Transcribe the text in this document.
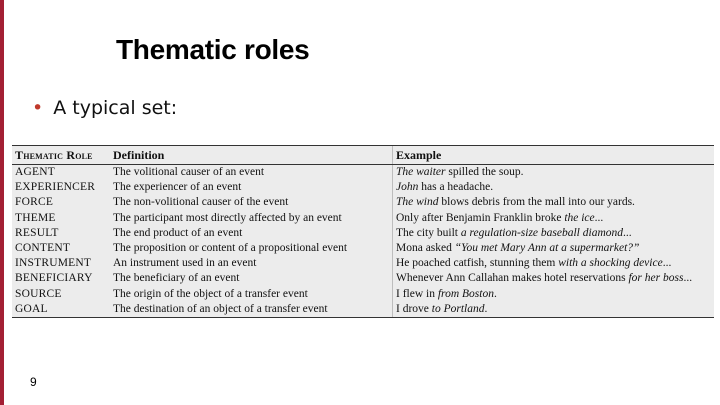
Thematic roles
• A typical set:
Thematic Role	Definition	Example
AGENT	The volitional causer of an event	The waiter spilled the soup.
EXPERIENCER	The experiencer of an event	John has a headache.
FORCE	The non-volitional causer of the event	The wind blows debris from the mall into our yards.
THEME	The participant most directly affected by an event	Only after Benjamin Franklin broke the ice...
RESULT	The end product of an event	The city built a regulation-size baseball diamond...
CONTENT	The proposition or content of a propositional event	Mona asked “You met Mary Ann at a supermarket?”
INSTRUMENT	An instrument used in an event	He poached catfish, stunning them with a shocking device...
BENEFICIARY	The beneficiary of an event	Whenever Ann Callahan makes hotel reservations for her boss...
SOURCE	The origin of the object of a transfer event	I flew in from Boston.
GOAL	The destination of an object of a transfer event	I drove to Portland.
9
